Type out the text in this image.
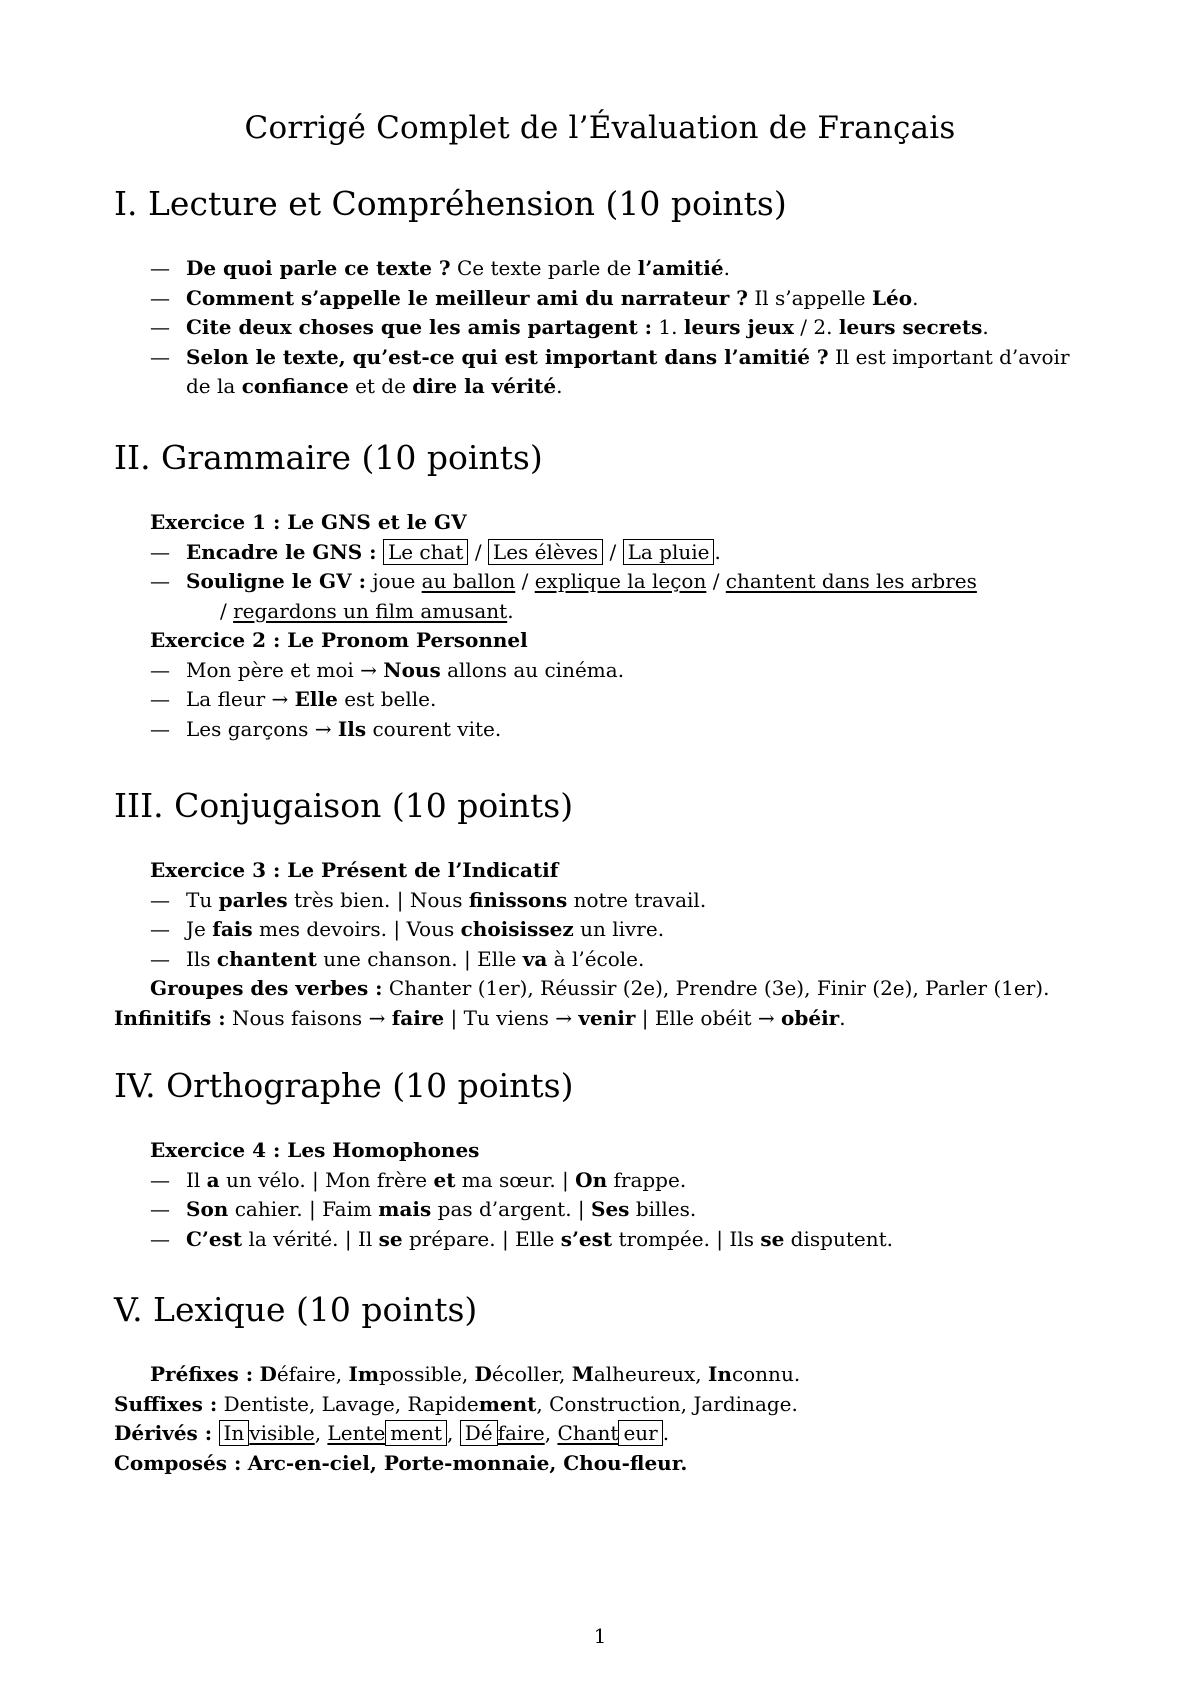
Corrigé Complet de l’Évaluation de Français
I. Lecture et Compréhension (10 points)
— De quoi parle ce texte ? Ce texte parle de l’amitié.
— Comment s’appelle le meilleur ami du narrateur ? Il s’appelle Léo.
— Cite deux choses que les amis partagent : 1. leurs jeux / 2. leurs secrets.
— Selon le texte, qu’est-ce qui est important dans l’amitié ? Il est important d’avoir
de la confiance et de dire la vérité.
II. Grammaire (10 points)
Exercice 1 : Le GNS et le GV
— Encadre le GNS : Le chat / Les élèves / La pluie .
— Souligne le GV : joue au ballon / explique la leçon / chantent dans les arbres
/ regardons un film amusant.
Exercice 2 : Le Pronom Personnel
— Mon père et moi → Nous allons au cinéma.
— La fleur → Elle est belle.
— Les garçons → Ils courent vite.
III. Conjugaison (10 points)
Exercice 3 : Le Présent de l’Indicatif
— Tu parles très bien. | Nous finissons notre travail.
— Je fais mes devoirs. | Vous choisissez un livre.
— Ils chantent une chanson. | Elle va à l’école.
Groupes des verbes : Chanter (1er), Réussir (2e), Prendre (3e), Finir (2e), Parler (1er).
Infinitifs : Nous faisons → faire | Tu viens → venir | Elle obéit → obéir.
IV. Orthographe (10 points)
Exercice 4 : Les Homophones
— Il a un vélo. | Mon frère et ma sœur. | On frappe.
— Son cahier. | Faim mais pas d’argent. | Ses billes.
— C’est la vérité. | Il se prépare. | Elle s’est trompée. | Ils se disputent.
V. Lexique (10 points)
Préfixes : Défaire, Impossible, Décoller, Malheureux, Inconnu.
Suffixes : Dentiste, Lavage, Rapidement, Construction, Jardinage.
Dérivés : In visible, Lente ment , Dé faire, Chant eur .
Composés : Arc-en-ciel, Porte-monnaie, Chou-fleur.
1
